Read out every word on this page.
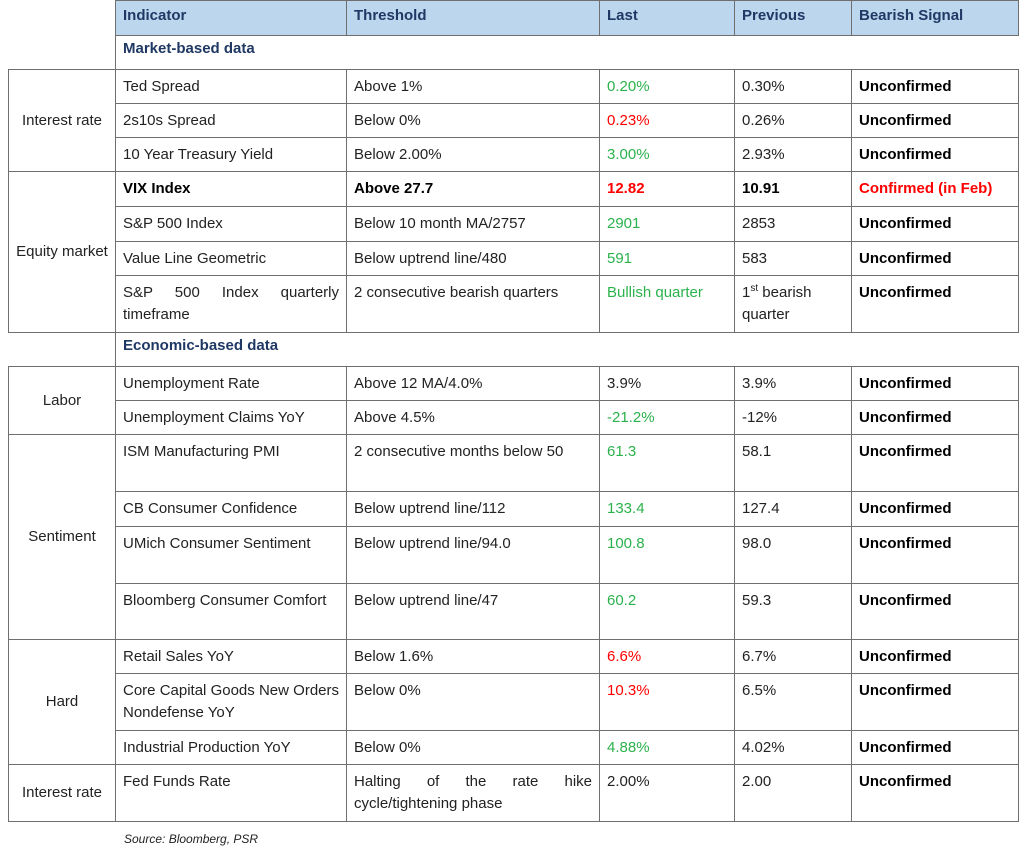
	Indicator	Threshold	Last	Previous	Bearish Signal
	Market-based data				
Interest rate	Ted Spread	Above 1%	0.20%	0.30%	Unconfirmed
	2s10s Spread	Below 0%	0.23%	0.26%	Unconfirmed
	10 Year Treasury Yield	Below 2.00%	3.00%	2.93%	Unconfirmed
Equity market	VIX Index	Above 27.7	12.82	10.91	Confirmed (in Feb)
	S&P 500 Index	Below 10 month MA/2757	2901	2853	Unconfirmed
	Value Line Geometric	Below uptrend line/480	591	583	Unconfirmed
	S&P 500 Index quarterly timeframe	2 consecutive bearish quarters	Bullish quarter	1st bearish quarter	Unconfirmed
	Economic-based data				
Labor	Unemployment Rate	Above 12 MA/4.0%	3.9%	3.9%	Unconfirmed
	Unemployment Claims YoY	Above 4.5%	-21.2%	-12%	Unconfirmed
Sentiment	ISM Manufacturing PMI	2 consecutive months below 50	61.3	58.1	Unconfirmed
	CB Consumer Confidence	Below uptrend line/112	133.4	127.4	Unconfirmed
	UMich Consumer Sentiment	Below uptrend line/94.0	100.8	98.0	Unconfirmed
	Bloomberg Consumer Comfort	Below uptrend line/47	60.2	59.3	Unconfirmed
Hard	Retail Sales YoY	Below 1.6%	6.6%	6.7%	Unconfirmed
	Core Capital Goods New Orders Nondefense YoY	Below 0%	10.3%	6.5%	Unconfirmed
	Industrial Production YoY	Below 0%	4.88%	4.02%	Unconfirmed
Interest rate	Fed Funds Rate	Halting of the rate hike cycle/tightening phase	2.00%	2.00	Unconfirmed
Source: Bloomberg, PSR
